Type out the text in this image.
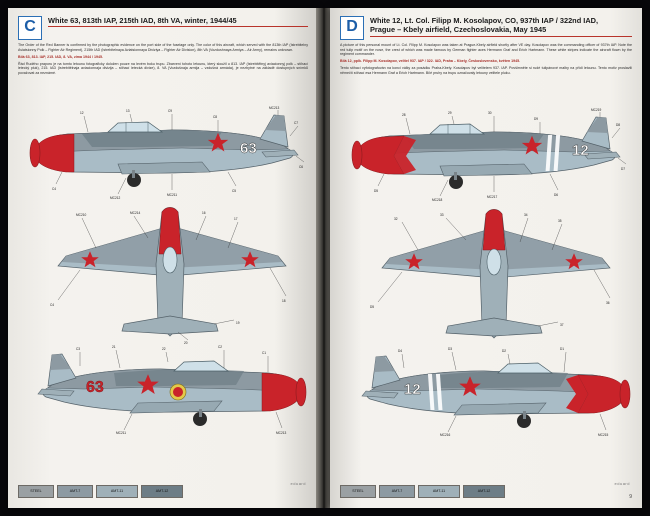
C	White 63, 813th IAP, 215th IAD, 8th VA, winter, 1944/45

The Order of the Red Banner is confirmed by the photographic evidence on the port side of the fuselage only. The color of this aircraft, which served with the 813th IAP (Istrebitelny Aviatsionny Polk – Fighter Air Regiment), 215th IAD (Istrebitelnaya Aviatsionnaya Diviziya – Fighter Air Division), 8th VA (Vozdushnaya Armiya – Air Army), remains unknown.

Bílá 63, 813. IAP, 215. IAD, 8. VA, zima 1944 / 1945.

Řád Rudého praporu je na tomto letounu fotograficky doložen pouze na levém boku trupu. Zbarvení tohoto letounu, který sloužil u 813. IAP (Istrebitělnyj aviacionnyj polk – stíhací letecký pluk), 215. IAD (Istrebitělnaja aviacionnaja divizija – stíhací letecká divize), 8. VA (Vozdušnaja armija – vzdušná armáda), je nezbytné na základě dostupných snímků považovat za neznámé.

63
12	13	C9
C8
MC213
C7
C6
C5
MC211
MC212
C4
MC210	MC214	16
17
18
19
20
C4
63
C3	21	22	C2
C1
MC213
MC211
STEEL	AMT-7	AMT-11	AMT-12
eduard
D	White 12, Lt. Col. Filipp M. Kosolapov, CO, 937th IAP / 322nd IAD,
Prague – Kbely airfield, Czechoslovakia, May 1945

A picture of this personal mount of Lt. Col. Filipp M. Kosolapov was taken at Prague-Kbely airfield shortly after VE day. Kosolapov was the commanding officer of 937th IAP. Note the red tulip motif on the nose, the crest of which was made famous by German fighter aces Hermann Graf and Erich Hartmann. These white stripes indicate the aircraft flown by the regiment commander.

Bílá 12, pplk. Filipp M. Kosolapov, velitel 937. IAP / 322. IAD, Praha – Kbely, Československo, květen 1945.

Tento stíhací vyfotografován na konci války za posádku Praha-Kbely. Kosolapov byl velitelem 937. IAP. Povšimněte si rudé tulipánové malby na přídi letounu. Tento motiv proslavili němečtí stíhací esa Hermann Graf a Erich Hartmann. Bílé pruhy na trupu označovaly letouny velitele pluku.

12
28	29	30
D9
MC219
D8
D7
D6
MC217
MC218
D5
32
33	34
35
36
37
D5
12
D4	D3	D2	D1
MC215
MC216
STEEL	AMT-7	AMT-11	AMT-12
eduard
9
